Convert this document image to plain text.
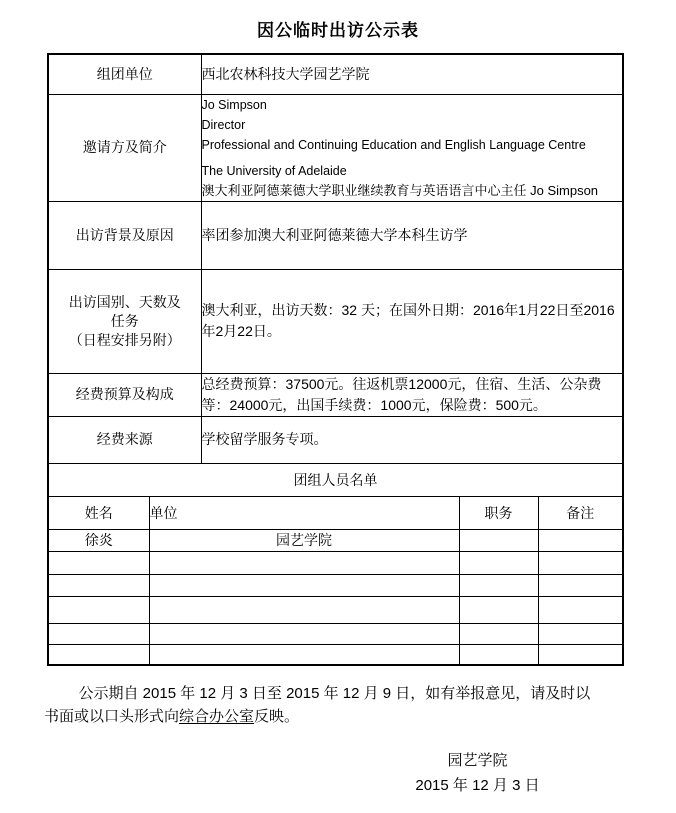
因公临时出访公示表
组团单位		西北农林科技大学园艺学院		
邀请方及简介		Jo Simpson
Director
Professional and Continuing Education and English Language Centre
The University of Adelaide
澳大利亚阿德莱德大学职业继续教育与英语语言中心主任 Jo Simpson		

出访背景及原因		率团参加澳大利亚阿德莱德大学本科生访学		

出访国别、天数及
任务
（日程安排另附）		澳大利亚，出访天数：32 天；在国外日期：2016年1月22日至2016年2月22日。		
经费预算及构成		总经费预算：37500元。往返机票12000元，住宿、生活、公杂费等：24000元，出国手续费：1000元，保险费：500元。		
经费来源		学校留学服务专项。		
团组人员名单				
姓名	单位		职务	备注
徐炎	园艺学院			

公示期自 2015 年 12 月 3 日至 2015 年 12 月 9 日，如有举报意见，请及时以
书面或以口头形式向综合办公室反映。

园艺学院
2015 年 12 月 3 日
